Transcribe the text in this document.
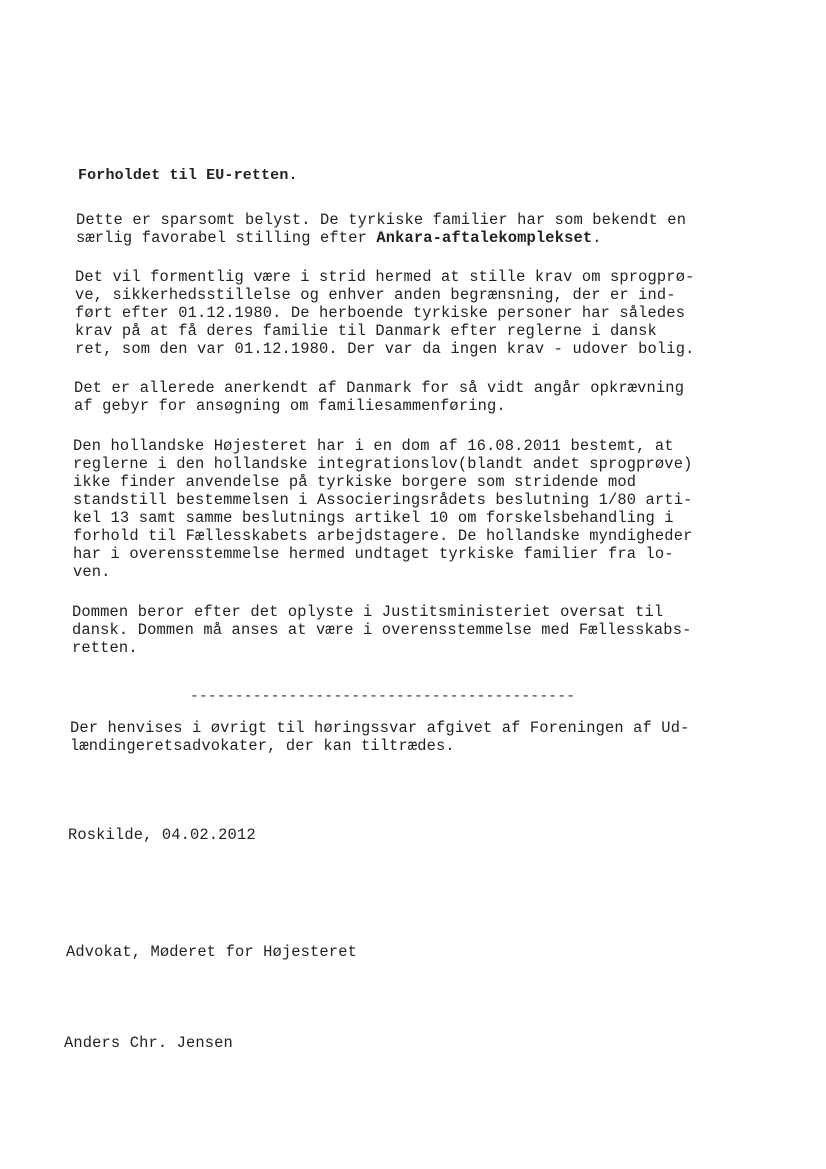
Forholdet til EU-retten.
Dette er sparsomt belyst. De tyrkiske familier har som bekendt en
særlig favorabel stilling efter Ankara-aftalekomplekset.
Det vil formentlig være i strid hermed at stille krav om sprogprø-
ve, sikkerhedsstillelse og enhver anden begrænsning, der er ind-
ført efter 01.12.1980. De herboende tyrkiske personer har således
krav på at få deres familie til Danmark efter reglerne i dansk
ret, som den var 01.12.1980. Der var da ingen krav - udover bolig.
Det er allerede anerkendt af Danmark for så vidt angår opkrævning
af gebyr for ansøgning om familiesammenføring.
Den hollandske Højesteret har i en dom af 16.08.2011 bestemt, at
reglerne i den hollandske integrationslov(blandt andet sprogprøve)
ikke finder anvendelse på tyrkiske borgere som stridende mod
standstill bestemmelsen i Associeringsrådets beslutning 1/80 arti-
kel 13 samt samme beslutnings artikel 10 om forskelsbehandling i
forhold til Fællesskabets arbejdstagere. De hollandske myndigheder
har i overensstemmelse hermed undtaget tyrkiske familier fra lo-
ven.
Dommen beror efter det oplyste i Justitsministeriet oversat til
dansk. Dommen må anses at være i overensstemmelse med Fællesskabs-
retten.
-------------------------------------------
Der henvises i øvrigt til høringssvar afgivet af Foreningen af Ud-
lændingeretsadvokater, der kan tiltrædes.
Roskilde, 04.02.2012
Advokat, Møderet for Højesteret
Anders Chr. Jensen
